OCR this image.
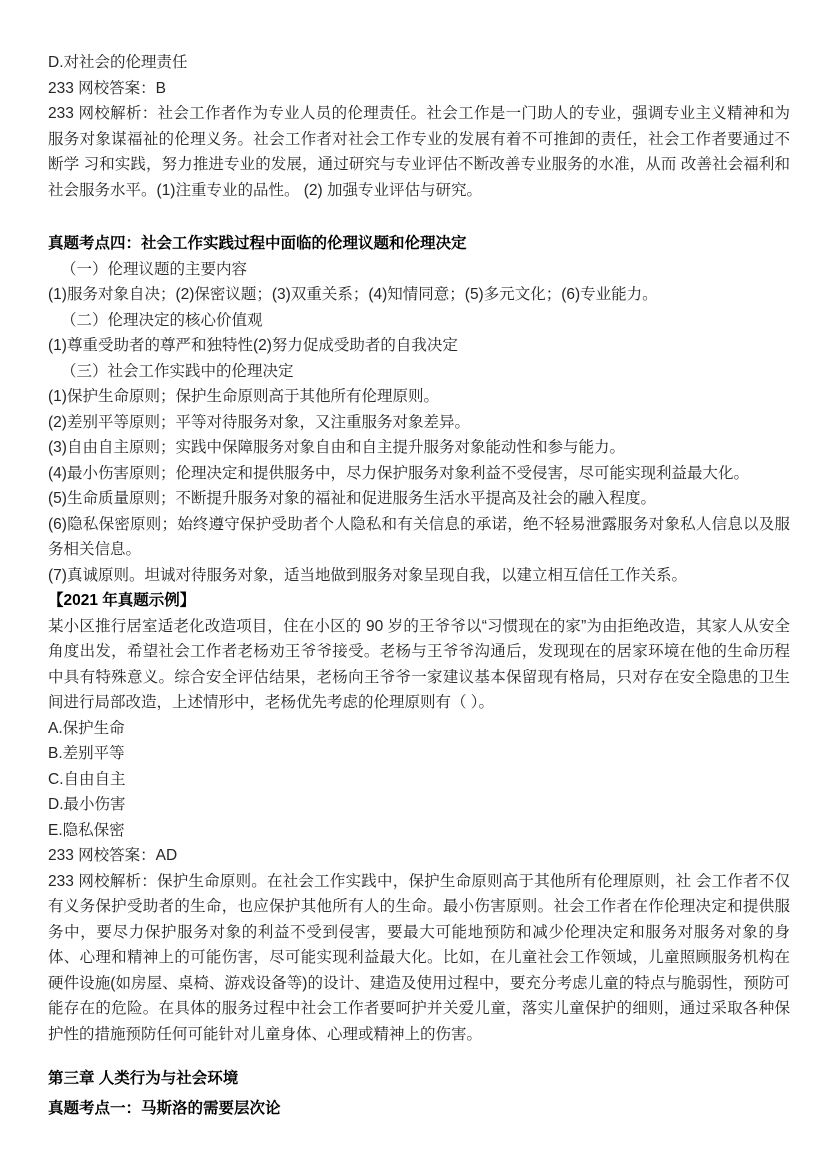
D.对社会的伦理责任
233 网校答案：B
233 网校解析：社会工作者作为专业人员的伦理责任。社会工作是一门助人的专业，强调专业主义精神和为服务对象谋福祉的伦理义务。社会工作者对社会工作专业的发展有着不可推卸的责任，社会工作者要通过不断学 习和实践，努力推进专业的发展，通过研究与专业评估不断改善专业服务的水准，从而 改善社会福利和社会服务水平。(1)注重专业的品性。 (2) 加强专业评估与研究。
真题考点四：社会工作实践过程中面临的伦理议题和伦理决定
（一）伦理议题的主要内容
(1)服务对象自决；(2)保密议题；(3)双重关系；(4)知情同意；(5)多元文化；(6)专业能力。
（二）伦理决定的核心价值观
(1)尊重受助者的尊严和独特性(2)努力促成受助者的自我决定
（三）社会工作实践中的伦理决定
(1)保护生命原则；保护生命原则高于其他所有伦理原则。
(2)差别平等原则；平等对待服务对象，又注重服务对象差异。
(3)自由自主原则；实践中保障服务对象自由和自主提升服务对象能动性和参与能力。
(4)最小伤害原则；伦理决定和提供服务中，尽力保护服务对象利益不受侵害，尽可能实现利益最大化。
(5)生命质量原则；不断提升服务对象的福祉和促进服务生活水平提高及社会的融入程度。
(6)隐私保密原则；始终遵守保护受助者个人隐私和有关信息的承诺，绝不轻易泄露服务对象私人信息以及服务相关信息。
(7)真诚原则。坦诚对待服务对象，适当地做到服务对象呈现自我，以建立相互信任工作关系。
【2021 年真题示例】
某小区推行居室适老化改造项目，住在小区的 90 岁的王爷爷以“习惯现在的家”为由拒绝改造，其家人从安全角度出发，希望社会工作者老杨劝王爷爷接受。老杨与王爷爷沟通后，发现现在的居家环境在他的生命历程中具有特殊意义。综合安全评估结果，老杨向王爷爷一家建议基本保留现有格局，只对存在安全隐患的卫生间进行局部改造，上述情形中，老杨优先考虑的伦理原则有（ ）。
A.保护生命
B.差别平等
C.自由自主
D.最小伤害
E.隐私保密
233 网校答案：AD
233 网校解析：保护生命原则。在社会工作实践中，保护生命原则高于其他所有伦理原则，社 会工作者不仅有义务保护受助者的生命，也应保护其他所有人的生命。最小伤害原则。社会工作者在作伦理决定和提供服务中，要尽力保护服务对象的利益不受到侵害，要最大可能地预防和减少伦理决定和服务对服务对象的身体、心理和精神上的可能伤害，尽可能实现利益最大化。比如，在儿童社会工作领域，儿童照顾服务机构在硬件设施(如房屋、桌椅、游戏设备等)的设计、建造及使用过程中，要充分考虑儿童的特点与脆弱性，预防可能存在的危险。在具体的服务过程中社会工作者要呵护并关爱儿童，落实儿童保护的细则，通过采取各种保护性的措施预防任何可能针对儿童身体、心理或精神上的伤害。
第三章 人类行为与社会环境
真题考点一：马斯洛的需要层次论
